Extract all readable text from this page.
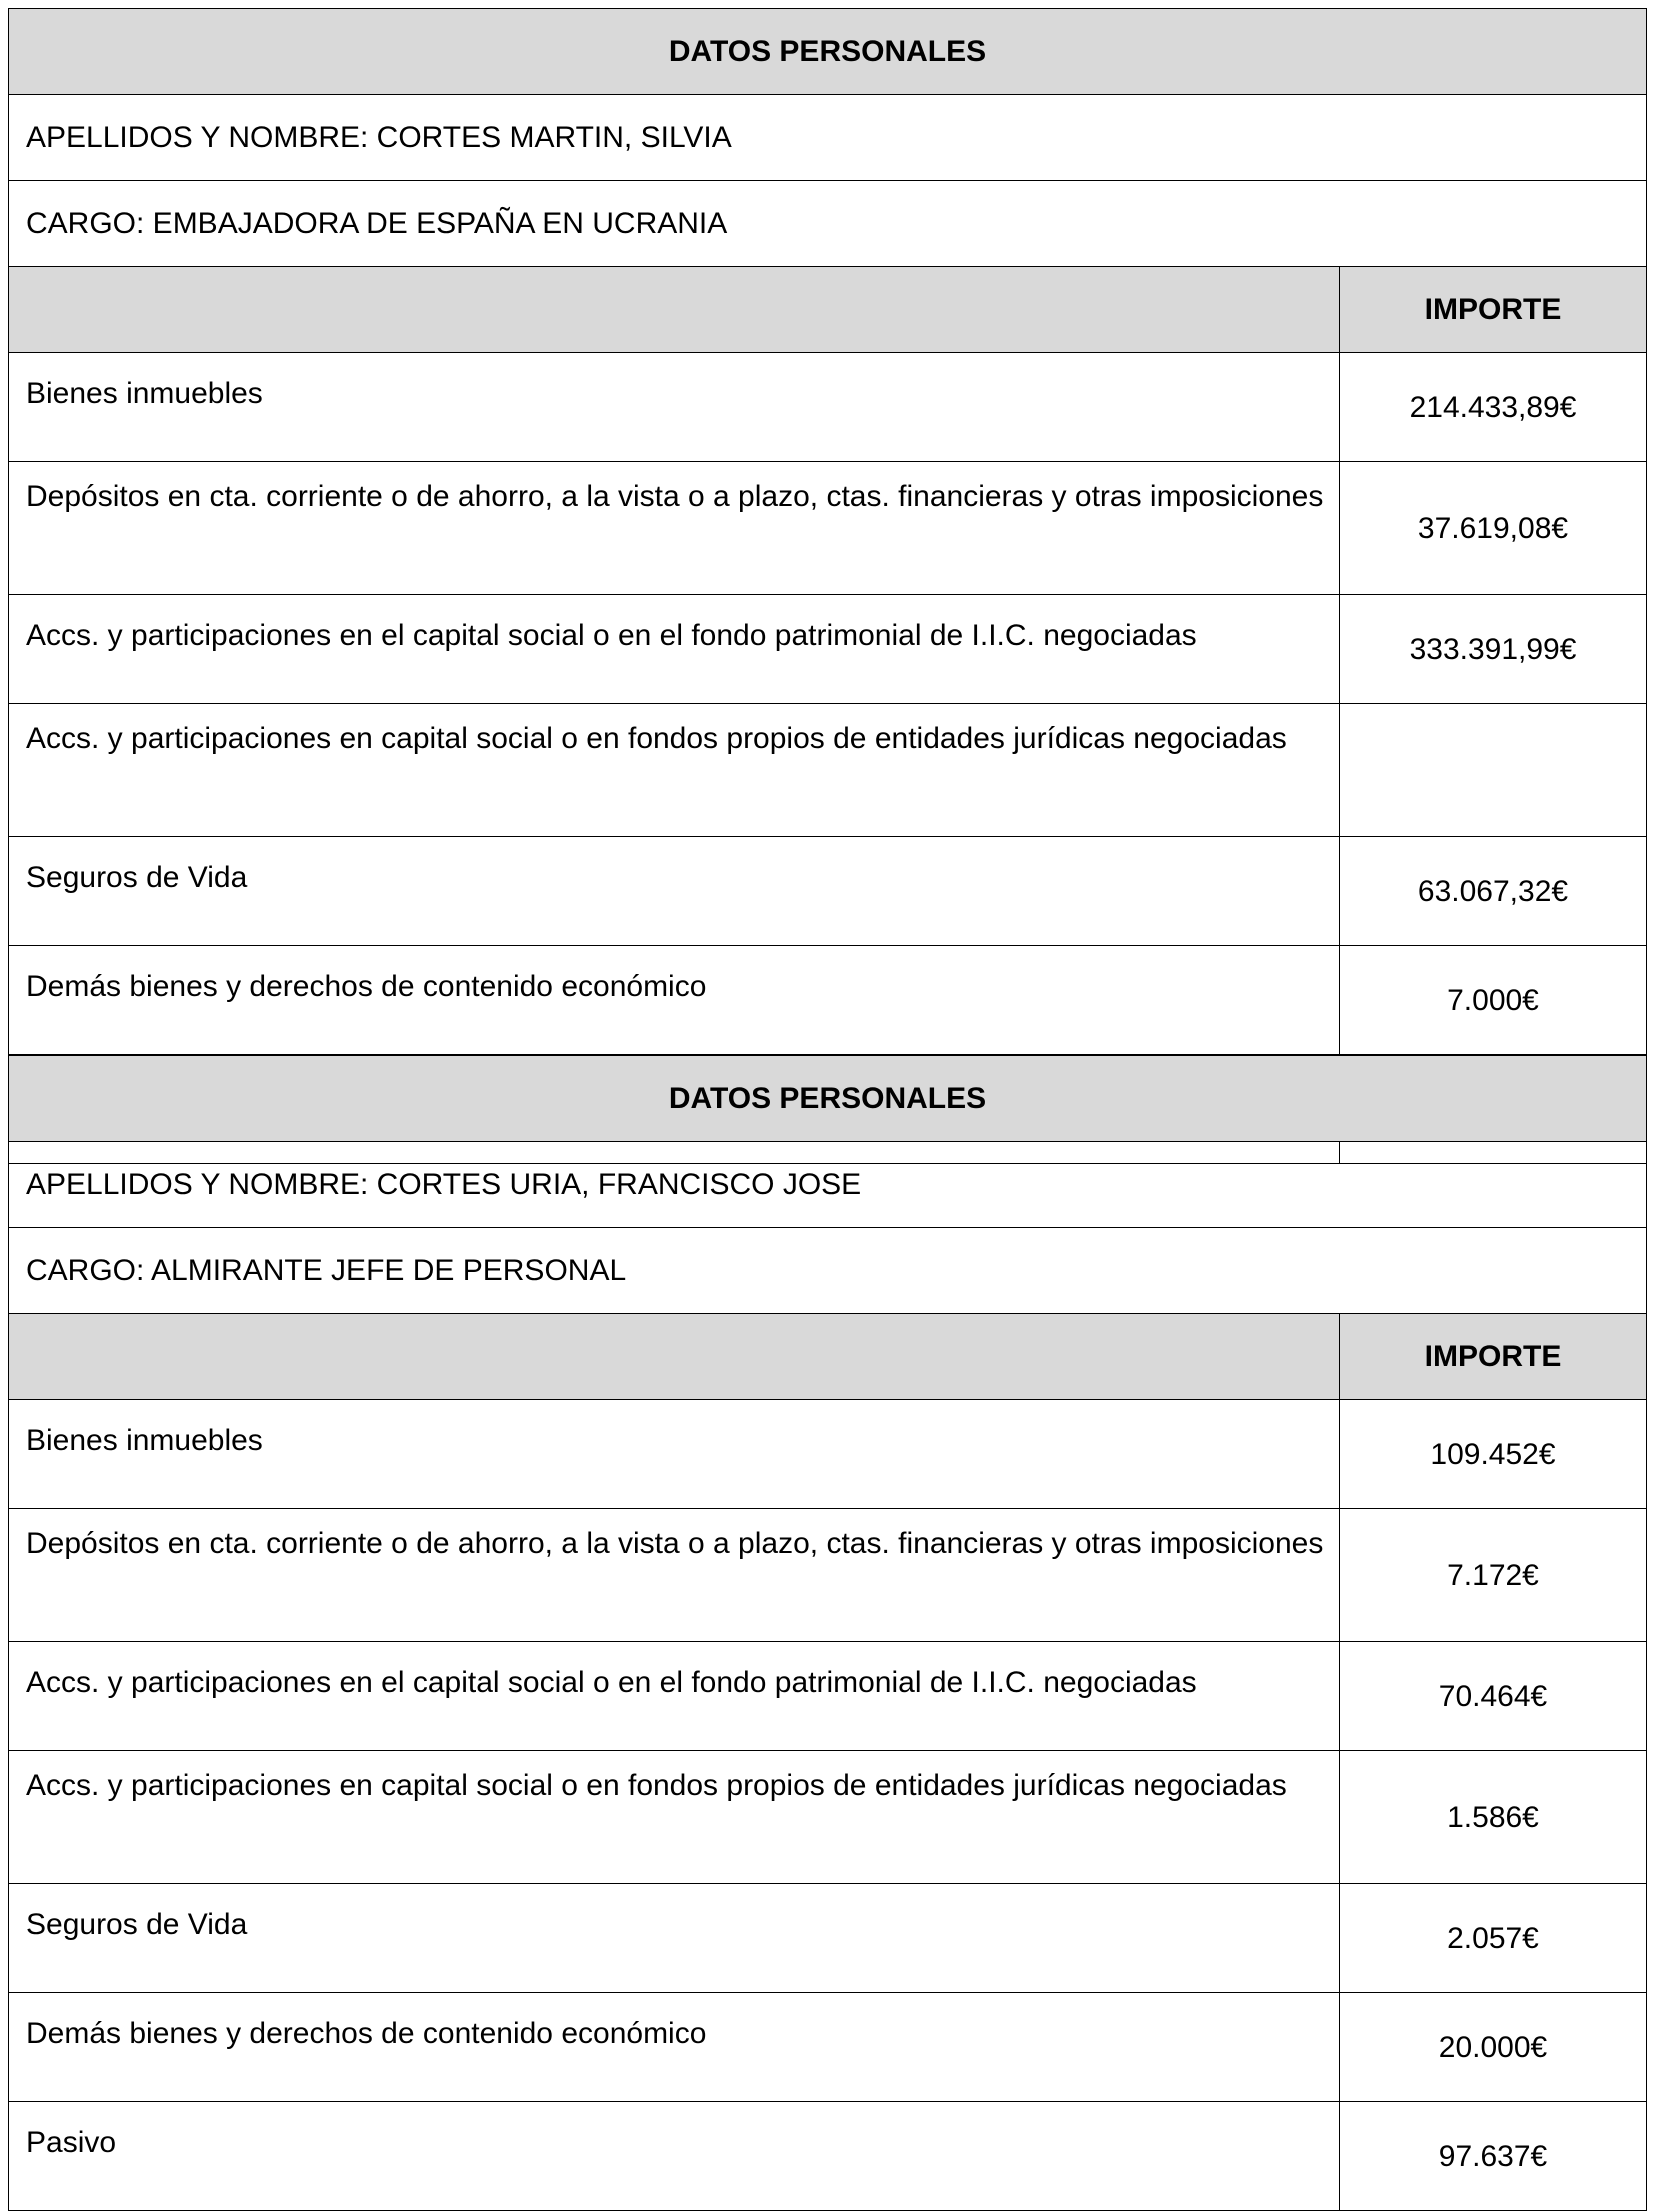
DATOS PERSONALES	
APELLIDOS Y NOMBRE: CORTES MARTIN, SILVIA	
CARGO: EMBAJADORA DE ESPAÑA EN UCRANIA	
	IMPORTE
Bienes inmuebles	214.433,89€
Depósitos en cta. corriente o de ahorro, a la vista o a plazo, ctas. financieras y otras imposiciones	37.619,08€
Accs. y participaciones en el capital social o en el fondo patrimonial de I.I.C. negociadas	333.391,99€
Accs. y participaciones en capital social o en fondos propios de entidades jurídicas negociadas	
Seguros de Vida	63.067,32€
Demás bienes y derechos de contenido económico	7.000€

DATOS PERSONALES	
APELLIDOS Y NOMBRE: CORTES URIA, FRANCISCO JOSE	
CARGO: ALMIRANTE JEFE DE PERSONAL	
	IMPORTE
Bienes inmuebles	109.452€
Depósitos en cta. corriente o de ahorro, a la vista o a plazo, ctas. financieras y otras imposiciones	7.172€
Accs. y participaciones en el capital social o en el fondo patrimonial de I.I.C. negociadas	70.464€
Accs. y participaciones en capital social o en fondos propios de entidades jurídicas negociadas	1.586€
Seguros de Vida	2.057€
Demás bienes y derechos de contenido económico	20.000€
Pasivo	97.637€
